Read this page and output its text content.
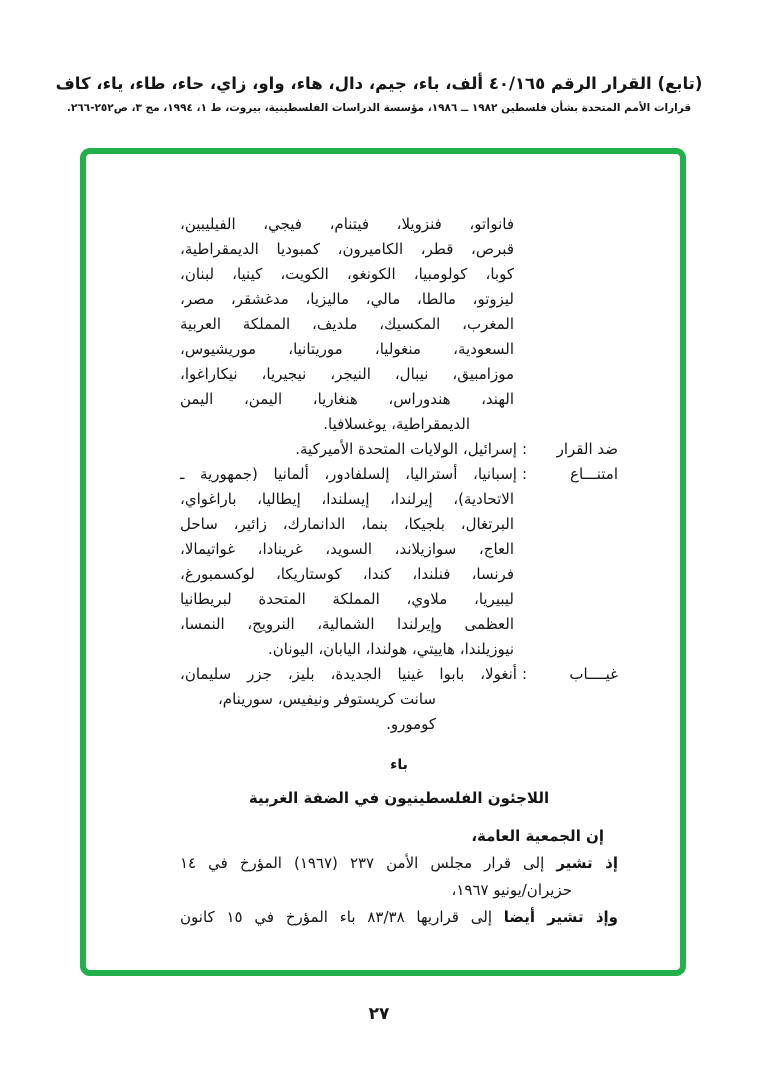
(تابع) القرار الرقم ٤٠/١٦٥ ألف، باء، جيم، دال، هاء، واو، زاي، حاء، طاء، ياء، كاف
قرارات الأمم المتحدة بشأن فلسطين ١٩٨٢ ــ ١٩٨٦، مؤسسة الدراسات الفلسطينية، بيروت، ط ١، ١٩٩٤، مج ٣، ص٢٥٢-٢٦٦.
فانواتو، فنزويلا، فيتنام، فيجي، الفيليبين،
قبرص، قطر، الكاميرون، كمبوديا الديمقراطية،
كوبا، كولومبيا، الكونغو، الكويت، كينيا، لبنان،
ليزوتو، مالطا، مالي، ماليزيا، مدغشقر، مصر،
المغرب، المكسيك، ملديف، المملكة العربية
السعودية، منغوليا، موريتانيا، موريشيوس،
موزامبيق، نيبال، النيجر، نيجيريا، نيكاراغوا،
الهند، هندوراس، هنغاريا، اليمن، اليمن
الديمقراطية، يوغسلافيا.
ضد القرار
:
إسرائيل، الولايات المتحدة الأميركية.
امتنـــاع
:
إسبانيا، أستراليا، إلسلفادور، ألمانيا (جمهورية ـ
الاتحادية)، إيرلندا، إيسلندا، إيطاليا، باراغواي،
البرتغال، بلجيكا، بنما، الدانمارك، زائير، ساحل
العاج، سوازيلاند، السويد، غرينادا، غواتيمالا،
فرنسا، فنلندا، كندا، كوستاريكا، لوكسمبورغ،
ليبيريا، ملاوي، المملكة المتحدة لبريطانيا
العظمى وإيرلندا الشمالية، النرويج، النمسا،
نيوزيلندا، هاييتي، هولندا، اليابان، اليونان.
غيــــاب
:
أنغولا، بابوا غينيا الجديدة، بليز، جزر سليمان،
سانت كريستوفر ونيفيس، سورينام، كومورو.
باء
اللاجئون الفلسطينيون في الضفة الغربية
إن الجمعية العامة،
إذ تشير إلى قرار مجلس الأمن ٢٣٧ (١٩٦٧) المؤرخ في ١٤
حزيران/يونيو ١٩٦٧،
وإذ تشير أيضا إلى قراريها ٨٣/٣٨ باء المؤرخ في ١٥ كانون
٢٧
